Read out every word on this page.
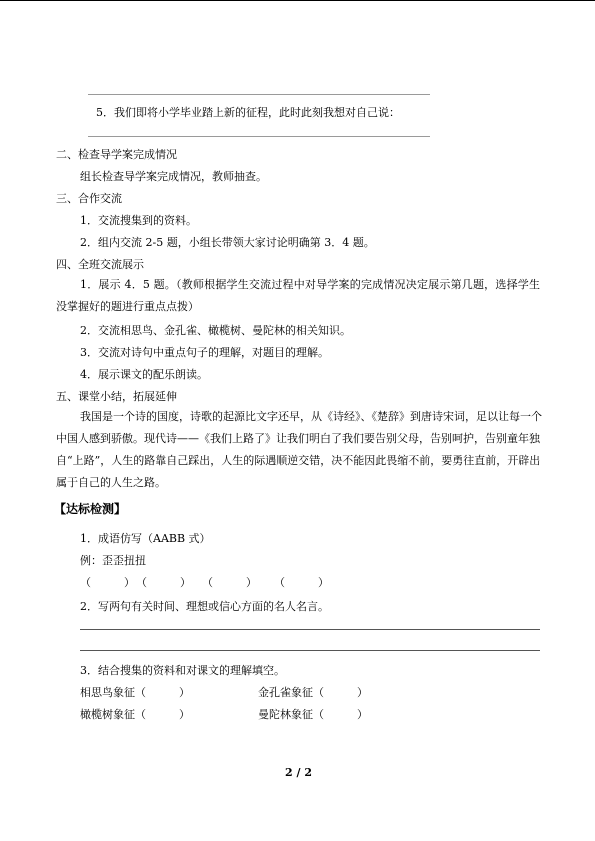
5．我们即将小学毕业踏上新的征程，此时此刻我想对自己说：
二、检查导学案完成情况
组长检查导学案完成情况，教师抽查。
三、合作交流
1．交流搜集到的资料。
2．组内交流 2-5 题，小组长带领大家讨论明确第 3．4 题。
四、全班交流展示
1．展示 4．5 题。（教师根据学生交流过程中对导学案的完成情况决定展示第几题，选择学生没掌握好的题进行重点点拨）
2．交流相思鸟、金孔雀、橄榄树、曼陀林的相关知识。
3．交流对诗句中重点句子的理解，对题目的理解。
4．展示课文的配乐朗读。
五、课堂小结，拓展延伸
我国是一个诗的国度，诗歌的起源比文字还早，从《诗经》、《楚辞》到唐诗宋词，足以让每一个中国人感到骄傲。现代诗——《我们上路了》让我们明白了我们要告别父母，告别呵护，告别童年独自“上路”，人生的路靠自己踩出，人生的际遇顺逆交错，决不能因此畏缩不前，要勇往直前，开辟出属于自己的人生之路。
【达标检测】
1．成语仿写（AABB 式）
例：歪歪扭扭
（　　　） （　　　） （　　　） （　　　）
2．写两句有关时间、理想或信心方面的名人名言。
3．结合搜集的资料和对课文的理解填空。
相思鸟象征（　　　）	金孔雀象征（　　　）
橄榄树象征（　　　）	曼陀林象征（　　　）
2 / 2
